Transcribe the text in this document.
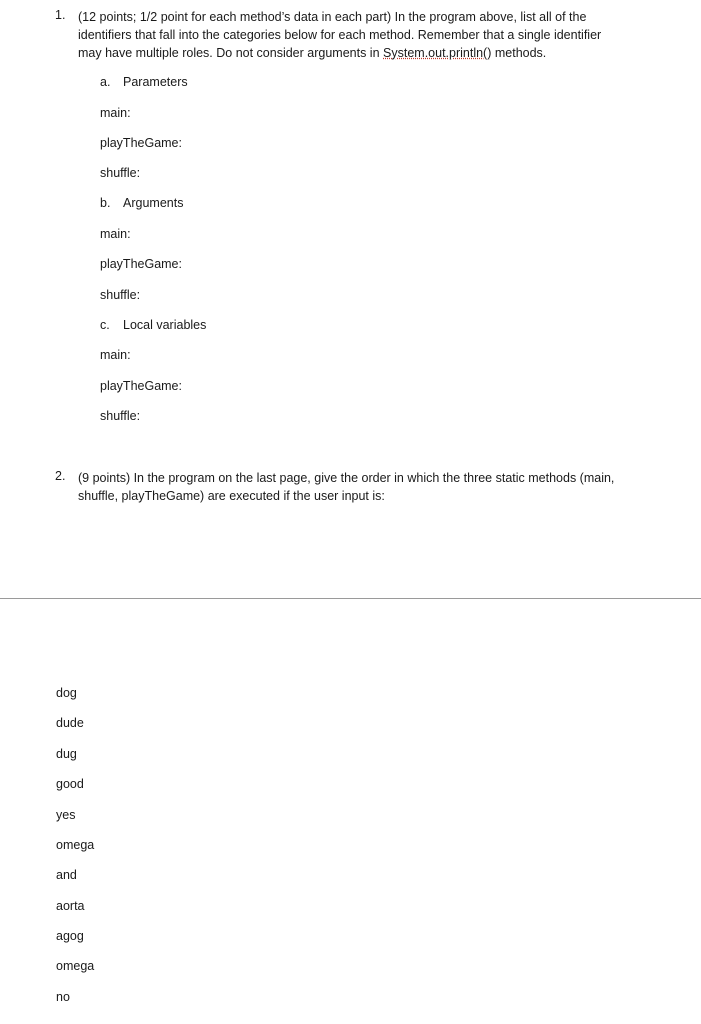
1. (12 points; 1/2 point for each method’s data in each part) In the program above, list all of the
identifiers that fall into the categories below for each method. Remember that a single identifier
may have multiple roles. Do not consider arguments in System.out.println() methods.
a. Parameters
main:
playTheGame:
shuffle:
b. Arguments
main:
playTheGame:
shuffle:
c. Local variables
main:
playTheGame:
shuffle:
2. (9 points) In the program on the last page, give the order in which the three static methods (main,
shuffle, playTheGame) are executed if the user input is:
dog
dude
dug
good
yes
omega
and
aorta
agog
omega
no
